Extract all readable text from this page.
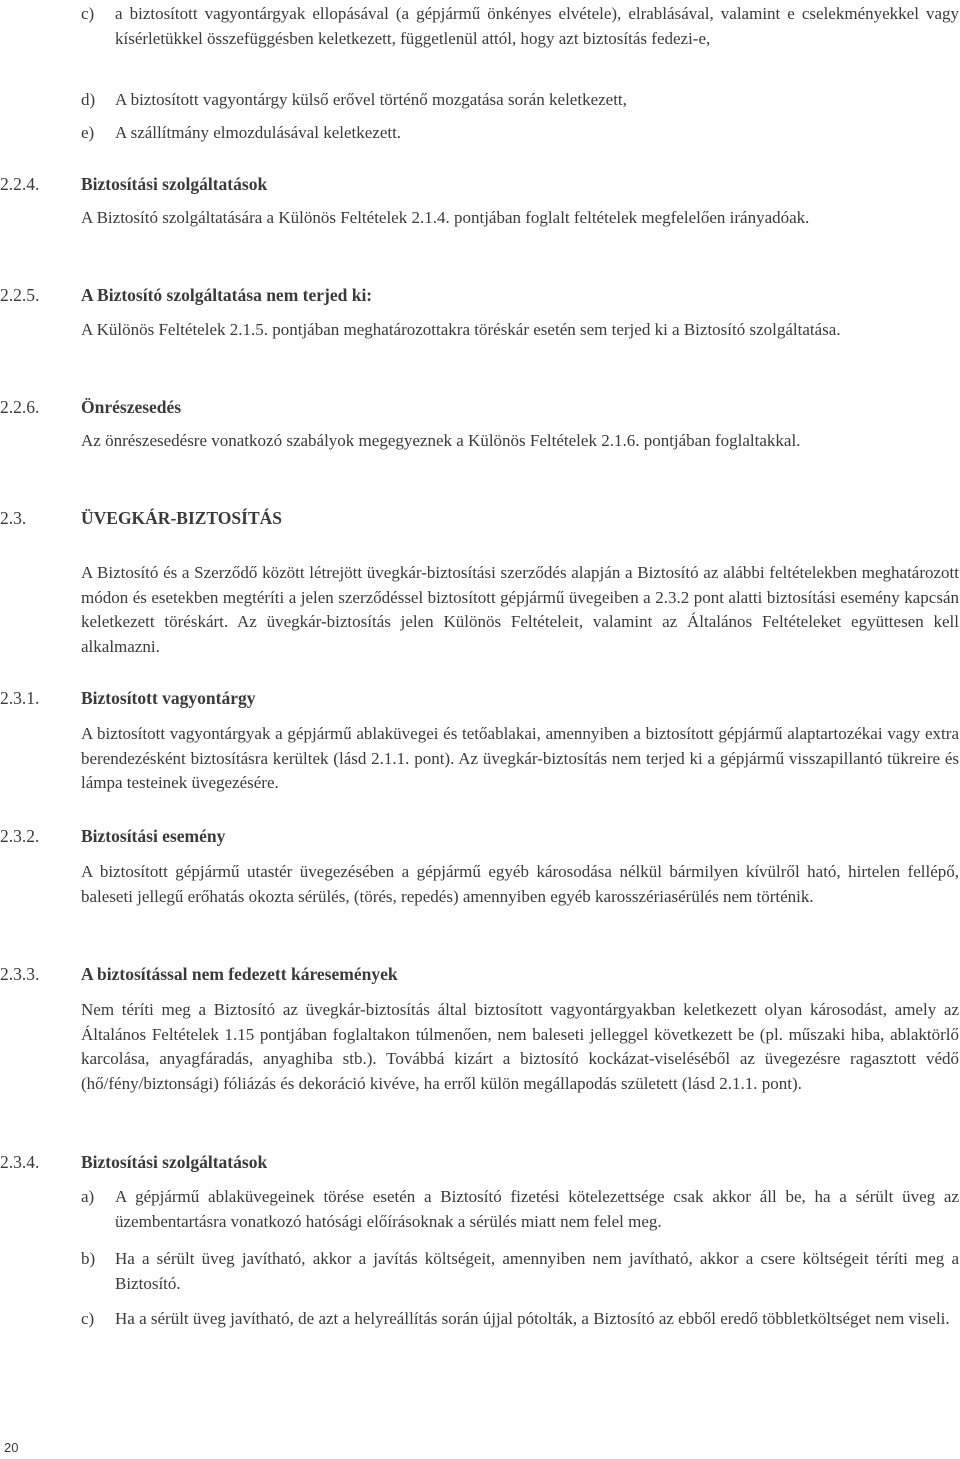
c) a biztosított vagyontárgyak ellopásával (a gépjármű önkényes elvétele), elrablásával, valamint e cselekményekkel vagy kísérletükkel összefüggésben keletkezett, függetlenül attól, hogy azt biztosítás fedezi-e,
d) A biztosított vagyontárgy külső erővel történő mozgatása során keletkezett,
e) A szállítmány elmozdulásával keletkezett.
2.2.4. Biztosítási szolgáltatások
A Biztosító szolgáltatására a Különös Feltételek 2.1.4. pontjában foglalt feltételek megfelelően irányadóak.
2.2.5. A Biztosító szolgáltatása nem terjed ki:
A Különös Feltételek 2.1.5. pontjában meghatározottakra töréskár esetén sem terjed ki a Biztosító szolgáltatása.
2.2.6. Önrészesedés
Az önrészesedésre vonatkozó szabályok megegyeznek a Különös Feltételek 2.1.6. pontjában foglaltakkal.
2.3.	ÜVEGKÁR-BIZTOSÍTÁS
A Biztosító és a Szerződő között létrejött üvegkár-biztosítási szerződés alapján a Biztosító az alábbi feltételekben meghatározott módon és esetekben megtéríti a jelen szerződéssel biztosított gépjármű üvegeiben a 2.3.2 pont alatti biztosítási esemény kapcsán keletkezett töréskárt. Az üvegkár-biztosítás jelen Különös Feltételeit, valamint az Általános Feltételeket együttesen kell alkalmazni.
2.3.1. Biztosított vagyontárgy
A biztosított vagyontárgyak a gépjármű ablaküvegei és tetőablakai, amennyiben a biztosított gépjármű alaptartozékai vagy extra berendezésként biztosításra kerültek (lásd 2.1.1. pont). Az üvegkár-biztosítás nem terjed ki a gépjármű visszapillantó tükreire és lámpa testeinek üvegezésére.
2.3.2. Biztosítási esemény
A biztosított gépjármű utastér üvegezésében a gépjármű egyéb károsodása nélkül bármilyen kívülről ható, hirtelen fellépő, baleseti jellegű erőhatás okozta sérülés, (törés, repedés) amennyiben egyéb karosszériasérülés nem történik.
2.3.3. A biztosítással nem fedezett káresemények
Nem téríti meg a Biztosító az üvegkár-biztosítás által biztosított vagyontárgyakban keletkezett olyan károsodást, amely az Általános Feltételek 1.15 pontjában foglaltakon túlmenően, nem baleseti jelleggel következett be (pl. műszaki hiba, ablaktörlő karcolása, anyagfáradás, anyaghiba stb.). Továbbá kizárt a biztosító kockázat-viseléséből az üvegezésre ragasztott védő (hő/fény/biztonsági) fóliázás és dekoráció kivéve, ha erről külön megállapodás született (lásd 2.1.1. pont).
2.3.4. Biztosítási szolgáltatások
a) A gépjármű ablaküvegeinek törése esetén a Biztosító fizetési kötelezettsége csak akkor áll be, ha a sérült üveg az üzembentartásra vonatkozó hatósági előírásoknak a sérülés miatt nem felel meg.
b) Ha a sérült üveg javítható, akkor a javítás költségeit, amennyiben nem javítható, akkor a csere költségeit téríti meg a Biztosító.
c) Ha a sérült üveg javítható, de azt a helyreállítás során újjal pótolták, a Biztosító az ebből eredő többletköltséget nem viseli.
20
